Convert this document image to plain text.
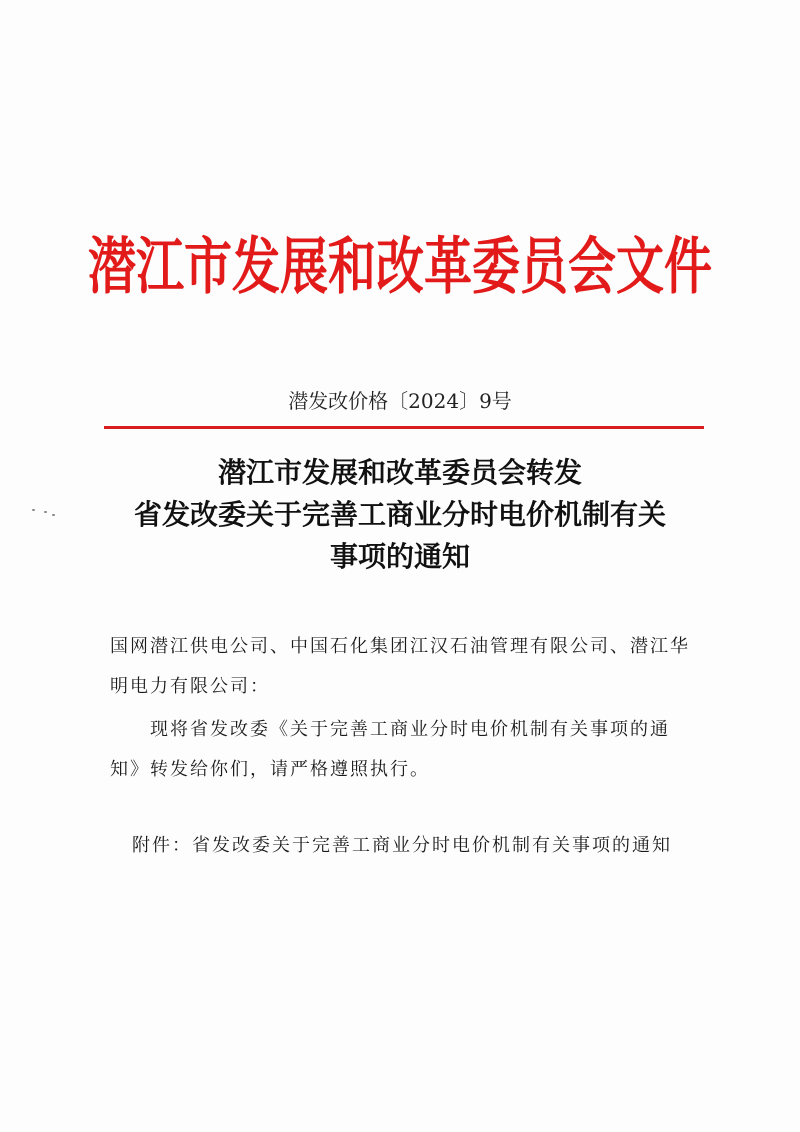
潜江市发展和改革委员会文件
潜发改价格〔2024〕9号
潜江市发展和改革委员会转发
省发改委关于完善工商业分时电价机制有关
事项的通知
国网潜江供电公司、中国石化集团江汉石油管理有限公司、潜江华明电力有限公司：
现将省发改委《关于完善工商业分时电价机制有关事项的通知》转发给你们，请严格遵照执行。
附件：省发改委关于完善工商业分时电价机制有关事项的通知
